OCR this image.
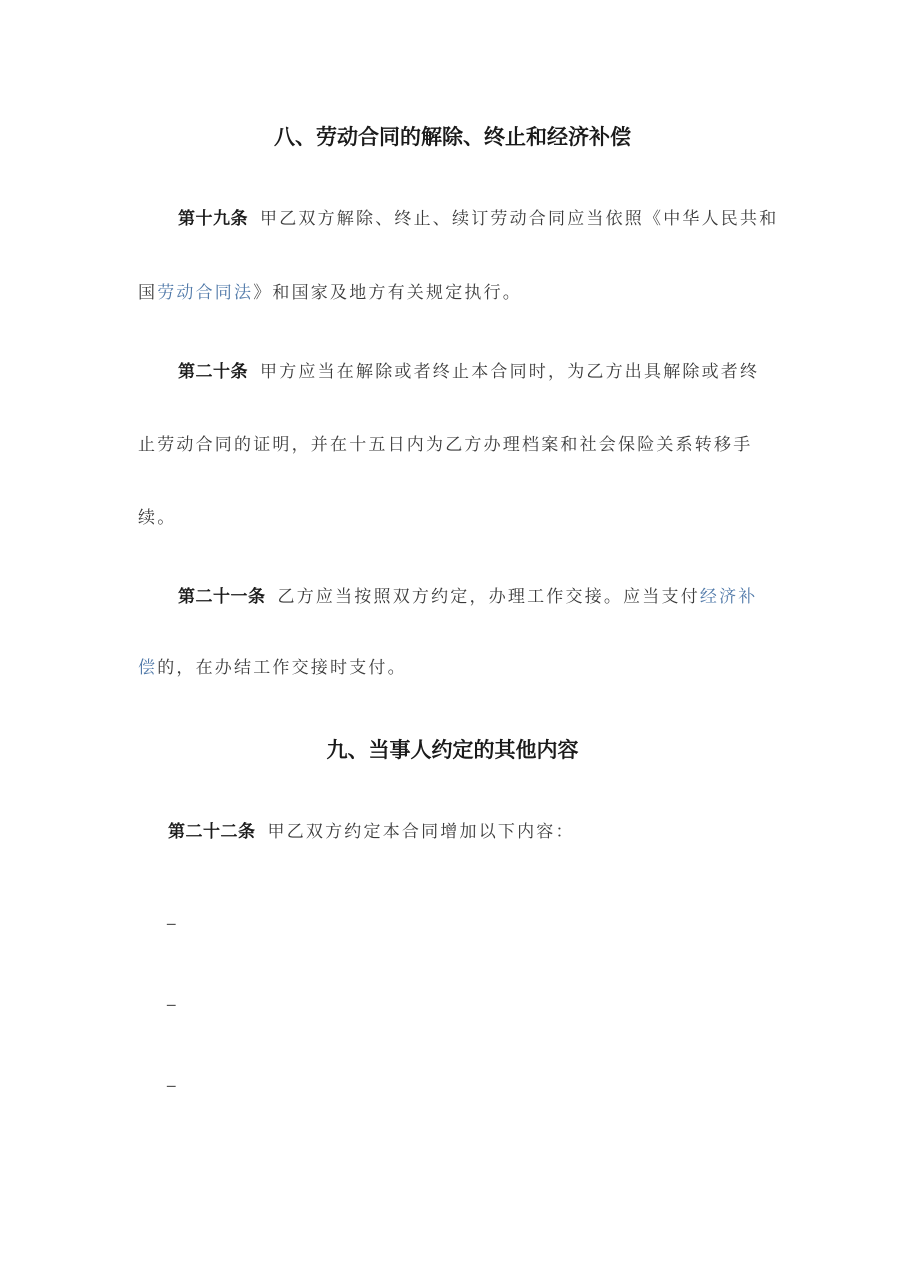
八、劳动合同的解除、终止和经济补偿
第十九条 甲乙双方解除、终止、续订劳动合同应当依照《中华人民共和
国劳动合同法》和国家及地方有关规定执行。
第二十条 甲方应当在解除或者终止本合同时，为乙方出具解除或者终
止劳动合同的证明，并在十五日内为乙方办理档案和社会保险关系转移手
续。
第二十一条 乙方应当按照双方约定，办理工作交接。应当支付经济补
偿的，在办结工作交接时支付。
九、当事人约定的其他内容
第二十二条 甲乙双方约定本合同增加以下内容：
_
_
_
